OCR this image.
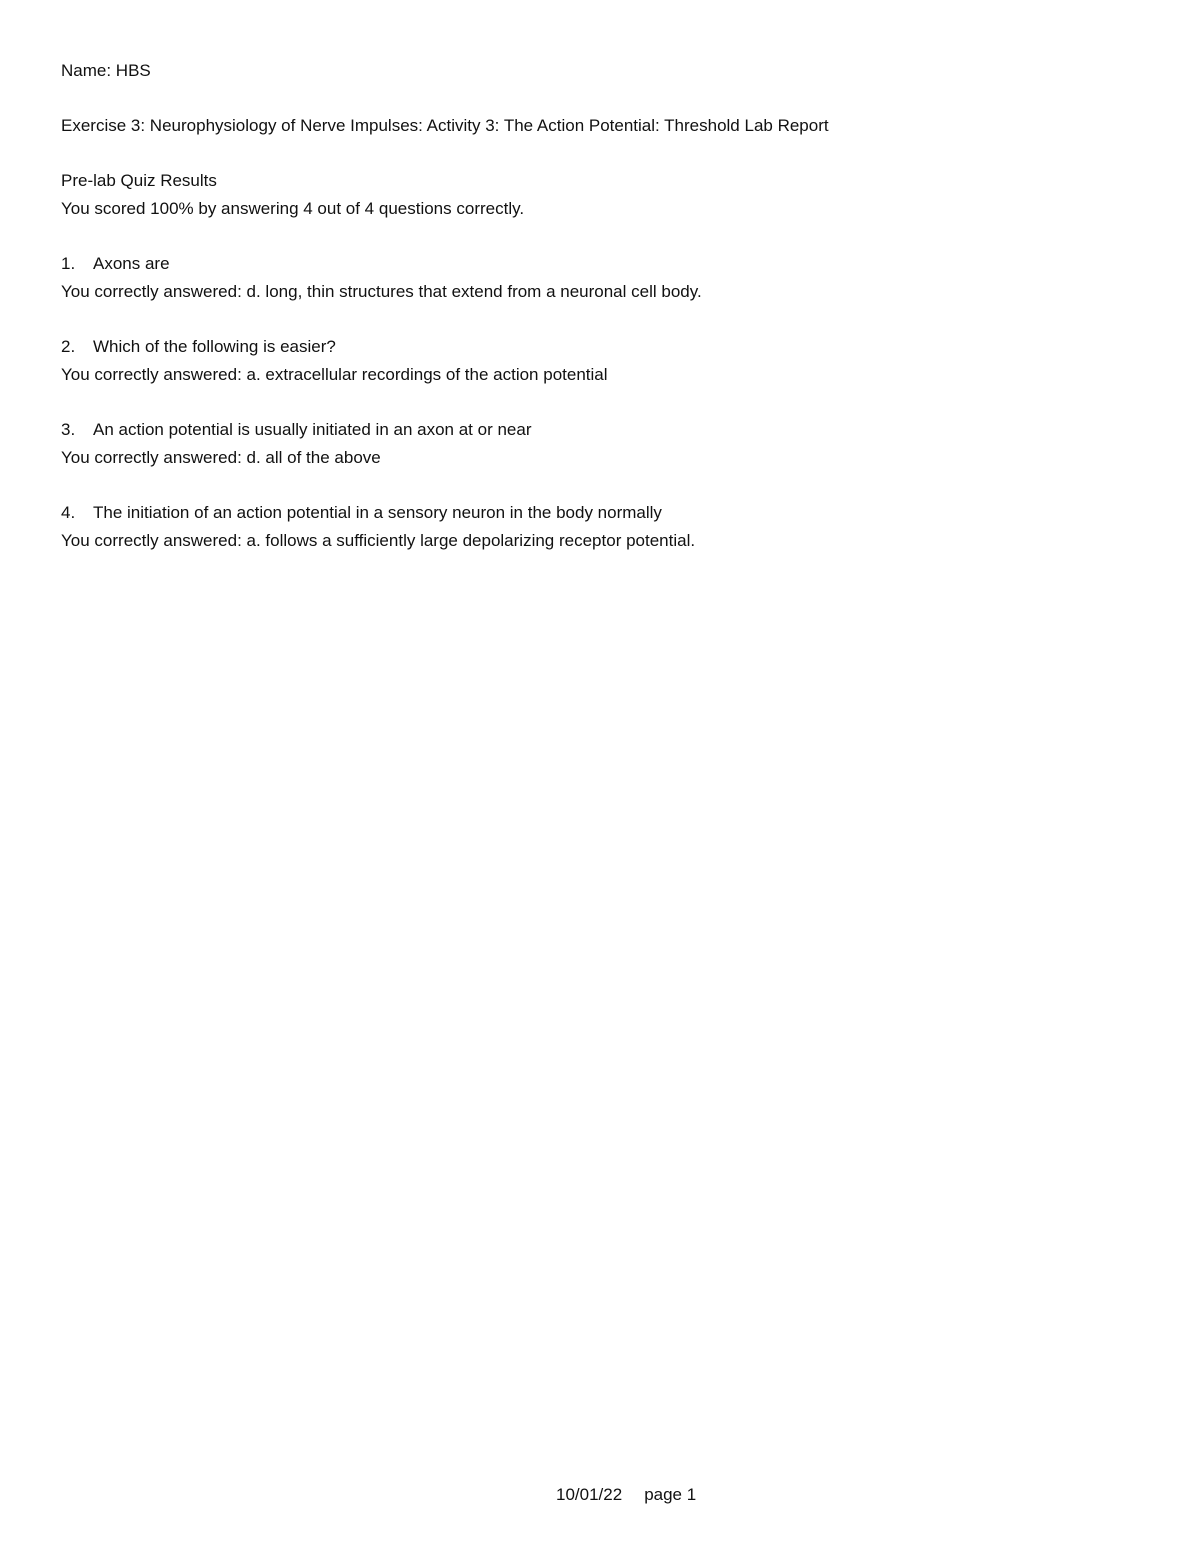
Name: HBS
Exercise 3: Neurophysiology of Nerve Impulses: Activity 3: The Action Potential: Threshold Lab Report
Pre-lab Quiz Results
You scored 100% by answering 4 out of 4 questions correctly.
1. Axons are
You correctly answered: d. long, thin structures that extend from a neuronal cell body.
2. Which of the following is easier?
You correctly answered: a. extracellular recordings of the action potential
3. An action potential is usually initiated in an axon at or near
You correctly answered: d. all of the above
4. The initiation of an action potential in a sensory neuron in the body normally
You correctly answered: a. follows a sufficiently large depolarizing receptor potential.
10/01/22 page 1
